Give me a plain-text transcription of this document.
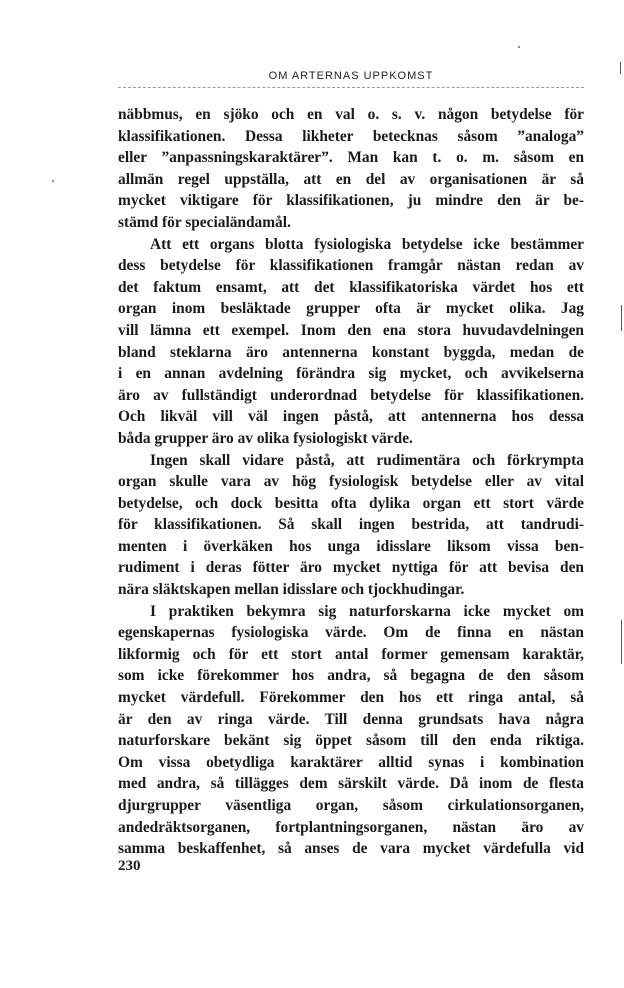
OM ARTERNAS UPPKOMST
näbbmus, en sjöko och en val o. s. v. någon betydelse för
klassifikationen. Dessa likheter betecknas såsom ”analoga”
eller ”anpassningskaraktärer”. Man kan t. o. m. såsom en
allmän regel uppställa, att en del av organisationen är så
mycket viktigare för klassifikationen, ju mindre den är be-
stämd för specialändamål.
Att ett organs blotta fysiologiska betydelse icke bestämmer
dess betydelse för klassifikationen framgår nästan redan av
det faktum ensamt, att det klassifikatoriska värdet hos ett
organ inom besläktade grupper ofta är mycket olika. Jag
vill lämna ett exempel. Inom den ena stora huvudavdelningen
bland steklarna äro antennerna konstant byggda, medan de
i en annan avdelning förändra sig mycket, och avvikelserna
äro av fullständigt underordnad betydelse för klassifikationen.
Och likväl vill väl ingen påstå, att antennerna hos dessa
båda grupper äro av olika fysiologiskt värde.
Ingen skall vidare påstå, att rudimentära och förkrympta
organ skulle vara av hög fysiologisk betydelse eller av vital
betydelse, och dock besitta ofta dylika organ ett stort värde
för klassifikationen. Så skall ingen bestrida, att tandrudi-
menten i överkäken hos unga idisslare liksom vissa ben-
rudiment i deras fötter äro mycket nyttiga för att bevisa den
nära släktskapen mellan idisslare och tjockhudingar.
I praktiken bekymra sig naturforskarna icke mycket om
egenskapernas fysiologiska värde. Om de finna en nästan
likformig och för ett stort antal former gemensam karaktär,
som icke förekommer hos andra, så begagna de den såsom
mycket värdefull. Förekommer den hos ett ringa antal, så
är den av ringa värde. Till denna grundsats hava några
naturforskare bekänt sig öppet såsom till den enda riktiga.
Om vissa obetydliga karaktärer alltid synas i kombination
med andra, så tillägges dem särskilt värde. Då inom de flesta
djurgrupper väsentliga organ, såsom cirkulationsorganen,
andedräktsorganen, fortplantningsorganen, nästan äro av
samma beskaffenhet, så anses de vara mycket värdefulla vid
230
